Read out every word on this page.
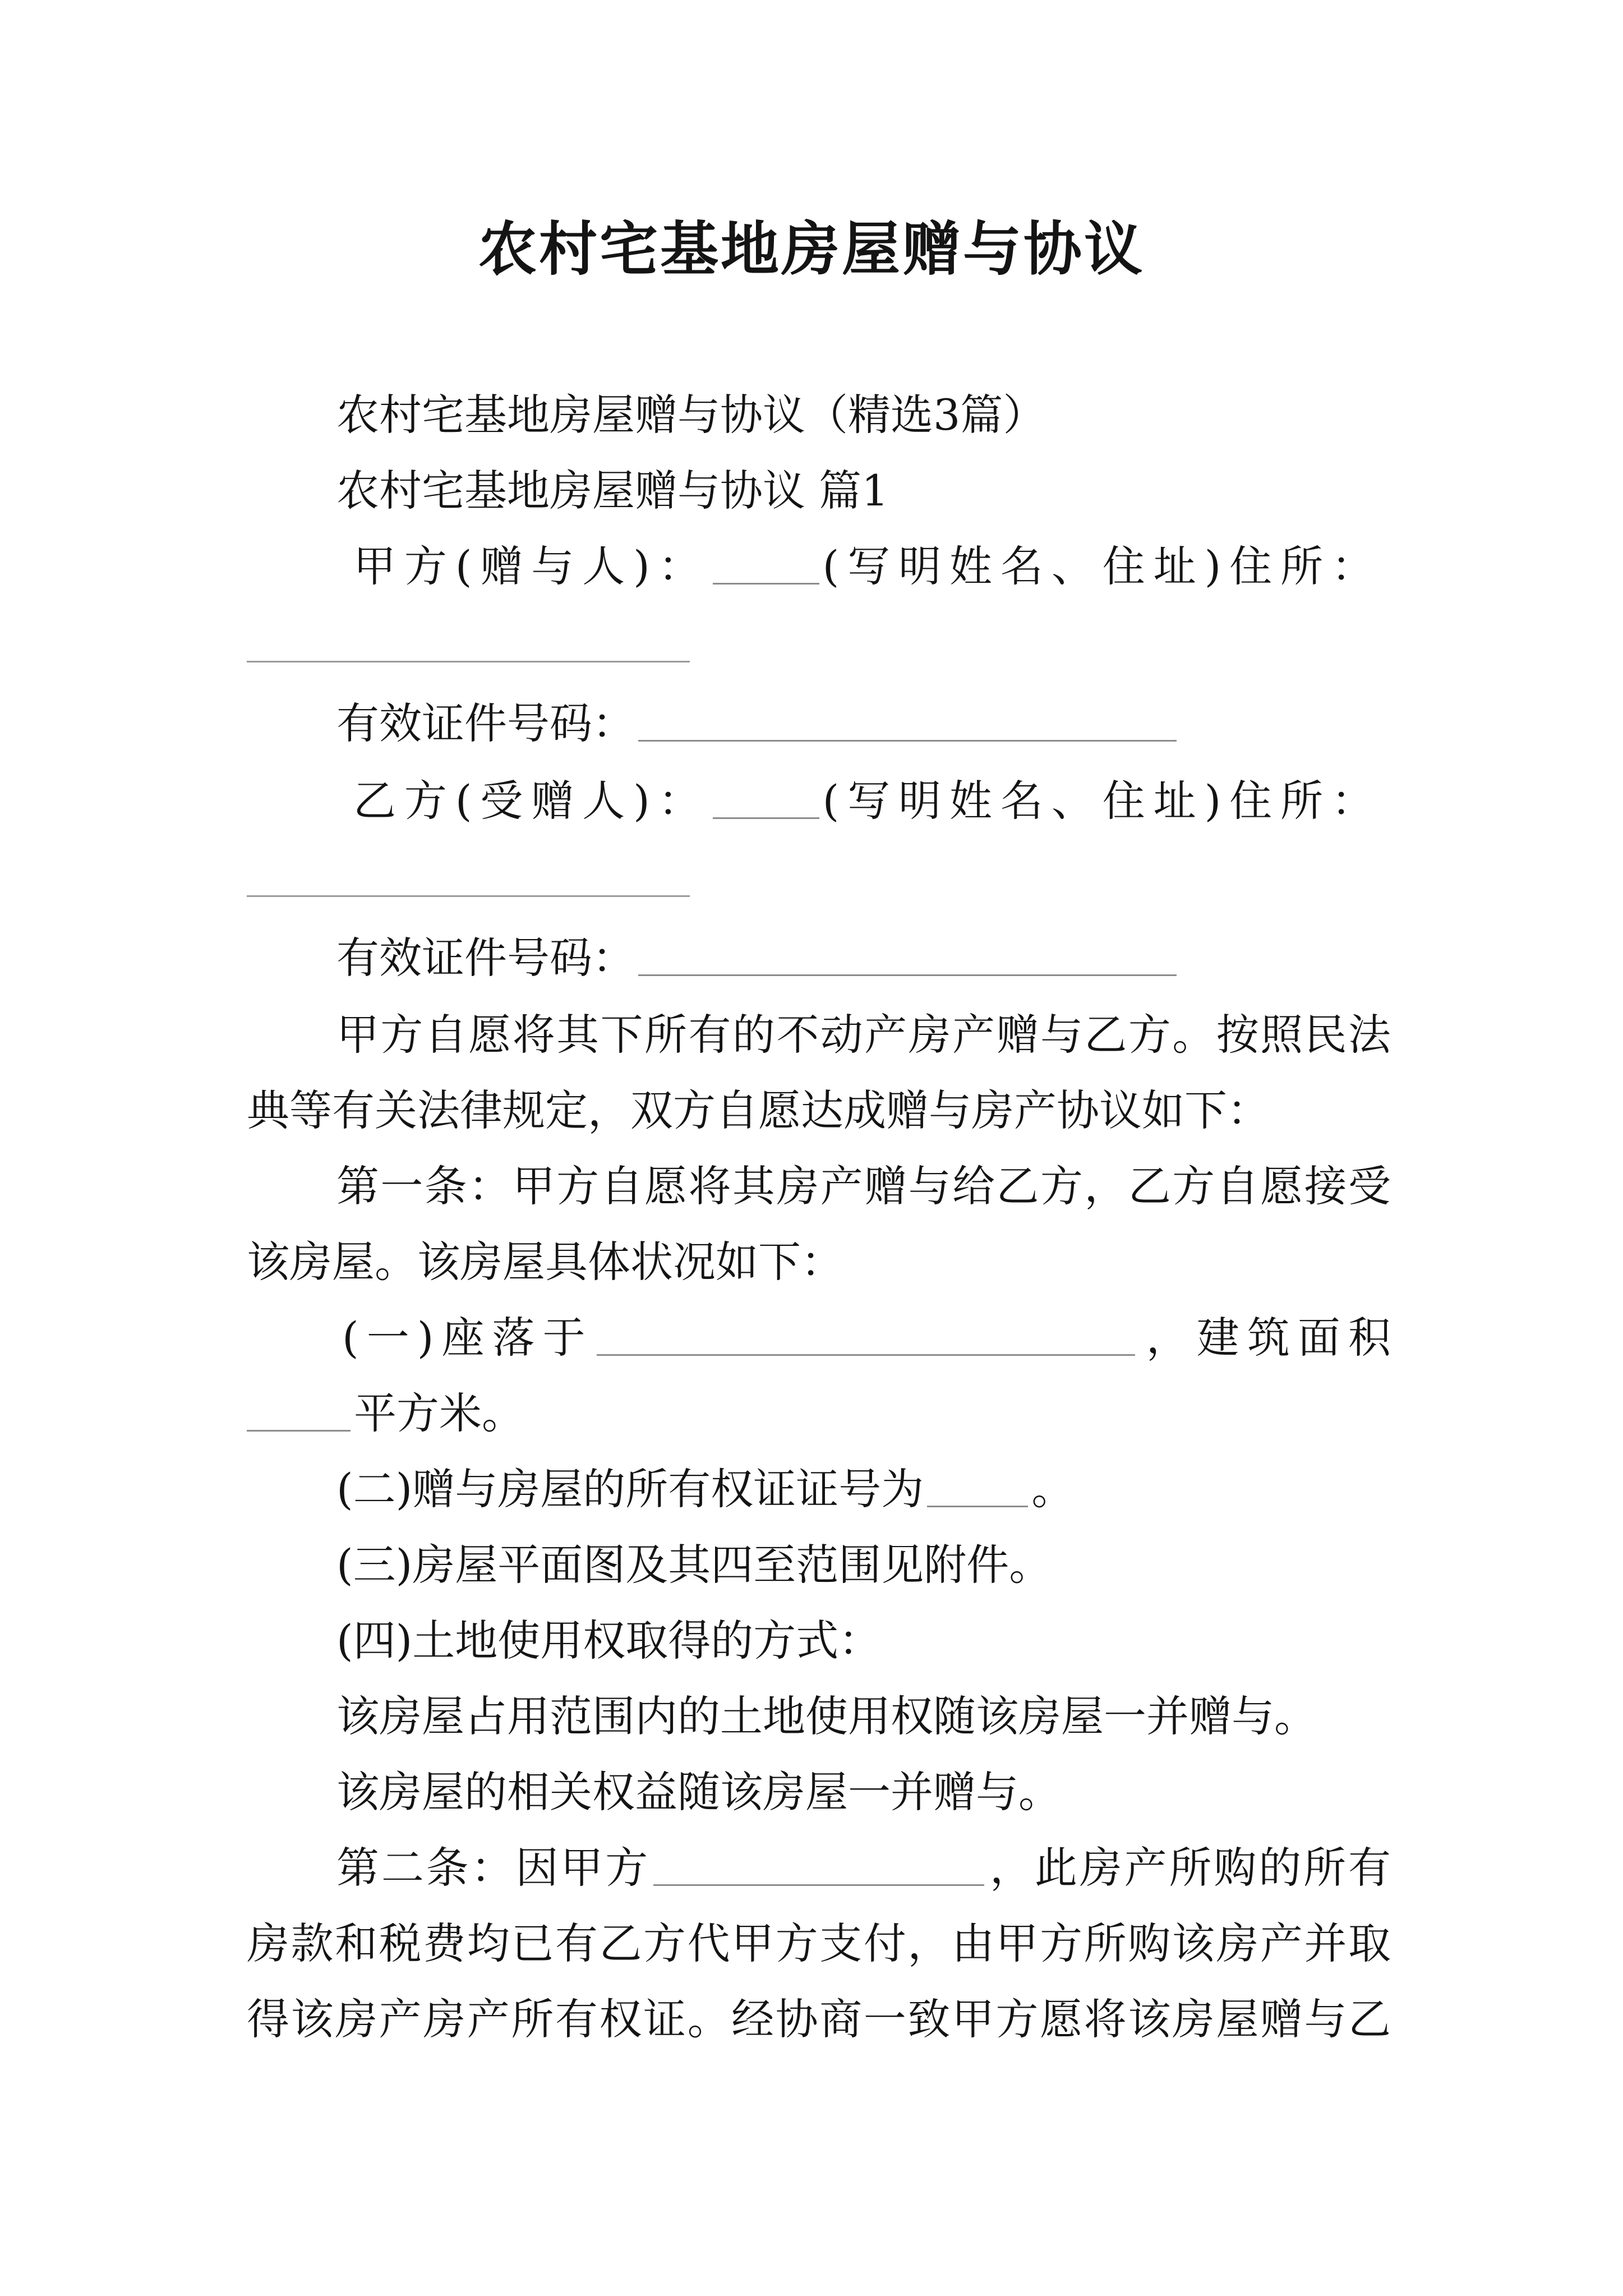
农村宅基地房屋赠与协议
农村宅基地房屋赠与协议（精选3篇）
农村宅基地房屋赠与协议 篇1
甲方(赠与人)：	(写明姓名、住址)住所：
有效证件号码：
乙方(受赠人)：	(写明姓名、住址)住所：
有效证件号码：
甲方自愿将其下所有的不动产房产赠与乙方。按照民法
典等有关法律规定，双方自愿达成赠与房产协议如下：
第一条：甲方自愿将其房产赠与给乙方，乙方自愿接受
该房屋。该房屋具体状况如下：
(一)座落于	，建筑面积
平方米。
(二)赠与房屋的所有权证证号为	。
(三)房屋平面图及其四至范围见附件。
(四)土地使用权取得的方式：
该房屋占用范围内的土地使用权随该房屋一并赠与。
该房屋的相关权益随该房屋一并赠与。
第二条：因甲方	，此房产所购的所有
房款和税费均已有乙方代甲方支付，由甲方所购该房产并取
得该房产房产所有权证。经协商一致甲方愿将该房屋赠与乙
